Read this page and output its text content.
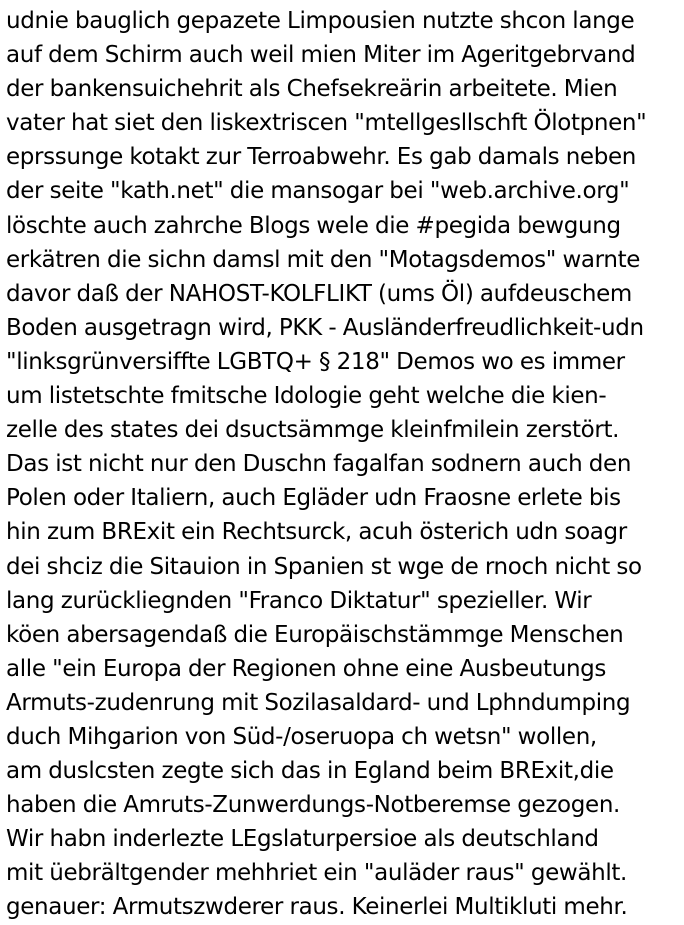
udnie bauglich gepazete Limpousien nutzte shcon lange
auf dem Schirm auch weil mien Miter im Ageritgebrvand
der bankensuichehrit als Chefsekreärin arbeitete. Mien
vater hat siet den liskextriscen "mtellgesllschft Ölotpnen"
eprssunge kotakt zur Terroabwehr. Es gab damals neben
der seite "kath.net" die mansogar bei "web.archive.org"
löschte auch zahrche Blogs wele die #pegida bewgung
erkätren die sichn damsl mit den "Motagsdemos" warnte
davor daß der NAHOST-KOLFLIKT (ums Öl) aufdeuschem
Boden ausgetragn wird, PKK - Ausländerfreudlichkeit-udn
"linksgrünversiffte LGBTQ+ § 218" Demos wo es immer
um listetschte fmitsche Idologie geht welche die kien-
zelle des states dei dsuctsämmge kleinfmilein zerstört.
Das ist nicht nur den Duschn fagalfan sodnern auch den
Polen oder Italiern, auch Egläder udn Fraosne erlete bis
hin zum BRExit ein Rechtsurck, acuh österich udn soagr
dei shciz die Sitauion in Spanien st wge de rnoch nicht so
lang zurückliegnden "Franco Diktatur" spezieller. Wir
köen abersagendaß die Europäischstämmge Menschen
alle "ein Europa der Regionen ohne eine Ausbeutungs
Armuts-zudenrung mit Sozilasaldard- und Lphndumping
duch Mihgarion von Süd-/oseruopa ch wetsn" wollen,
am duslcsten zegte sich das in Egland beim BRExit,die
haben die Amruts-Zunwerdungs-Notberemse gezogen.
Wir habn inderlezte LEgslaturpersioe als deutschland
mit üebrältgender mehhriet ein "auläder raus" gewählt.
genauer: Armutszwderer raus. Keinerlei Multikluti mehr.
